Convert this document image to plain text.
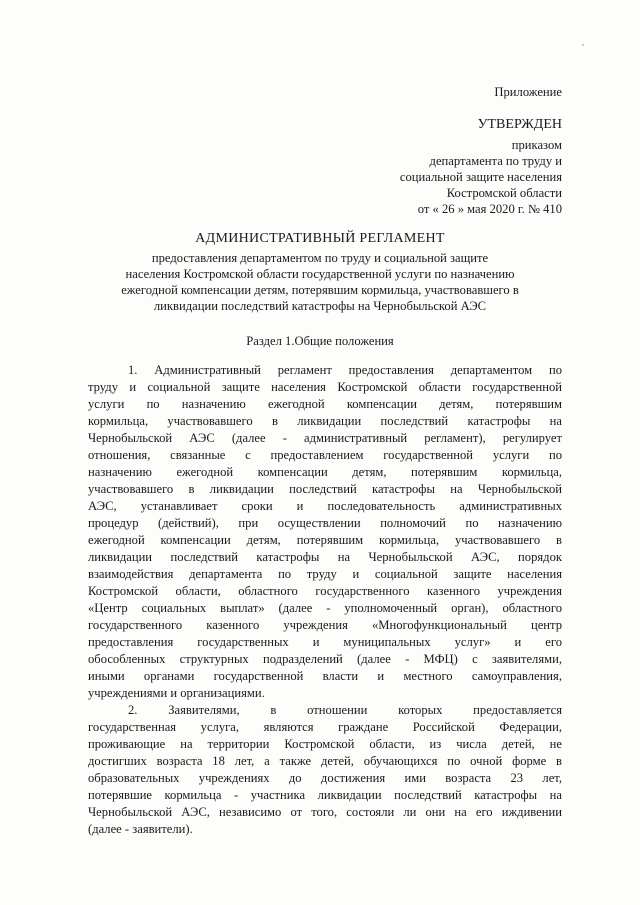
Приложение
УТВЕРЖДЕН
приказом
департамента по труду и
социальной защите населения
Костромской области
от « 26 » мая 2020 г. № 410
АДМИНИСТРАТИВНЫЙ РЕГЛАМЕНТ
предоставления департаментом по труду и социальной защите
населения Костромской области государственной услуги по назначению
ежегодной компенсации детям, потерявшим кормильца, участвовавшего в
ликвидации последствий катастрофы на Чернобыльской АЭС
Раздел 1.Общие положения
1. Административный регламент предоставления департаментом по
труду и социальной защите населения Костромской области государственной
услуги по назначению ежегодной компенсации детям, потерявшим
кормильца, участвовавшего в ликвидации последствий катастрофы на
Чернобыльской АЭС (далее - административный регламент), регулирует
отношения, связанные с предоставлением государственной услуги по
назначению ежегодной компенсации детям, потерявшим кормильца,
участвовавшего в ликвидации последствий катастрофы на Чернобыльской
АЭС, устанавливает сроки и последовательность административных
процедур (действий), при осуществлении полномочий по назначению
ежегодной компенсации детям, потерявшим кормильца, участвовавшего в
ликвидации последствий катастрофы на Чернобыльской АЭС, порядок
взаимодействия департамента по труду и социальной защите населения
Костромской области, областного государственного казенного учреждения
«Центр социальных выплат» (далее - уполномоченный орган), областного
государственного казенного учреждения «Многофункциональный центр
предоставления государственных и муниципальных услуг» и его
обособленных структурных подразделений (далее - МФЦ) с заявителями,
иными органами государственной власти и местного самоуправления,
учреждениями и организациями.
2. Заявителями, в отношении которых предоставляется
государственная услуга, являются граждане Российской Федерации,
проживающие на территории Костромской области, из числа детей, не
достигших возраста 18 лет, а также детей, обучающихся по очной форме в
образовательных учреждениях до достижения ими возраста 23 лет,
потерявшие кормильца - участника ликвидации последствий катастрофы на
Чернобыльской АЭС, независимо от того, состояли ли они на его иждивении
(далее - заявители).
